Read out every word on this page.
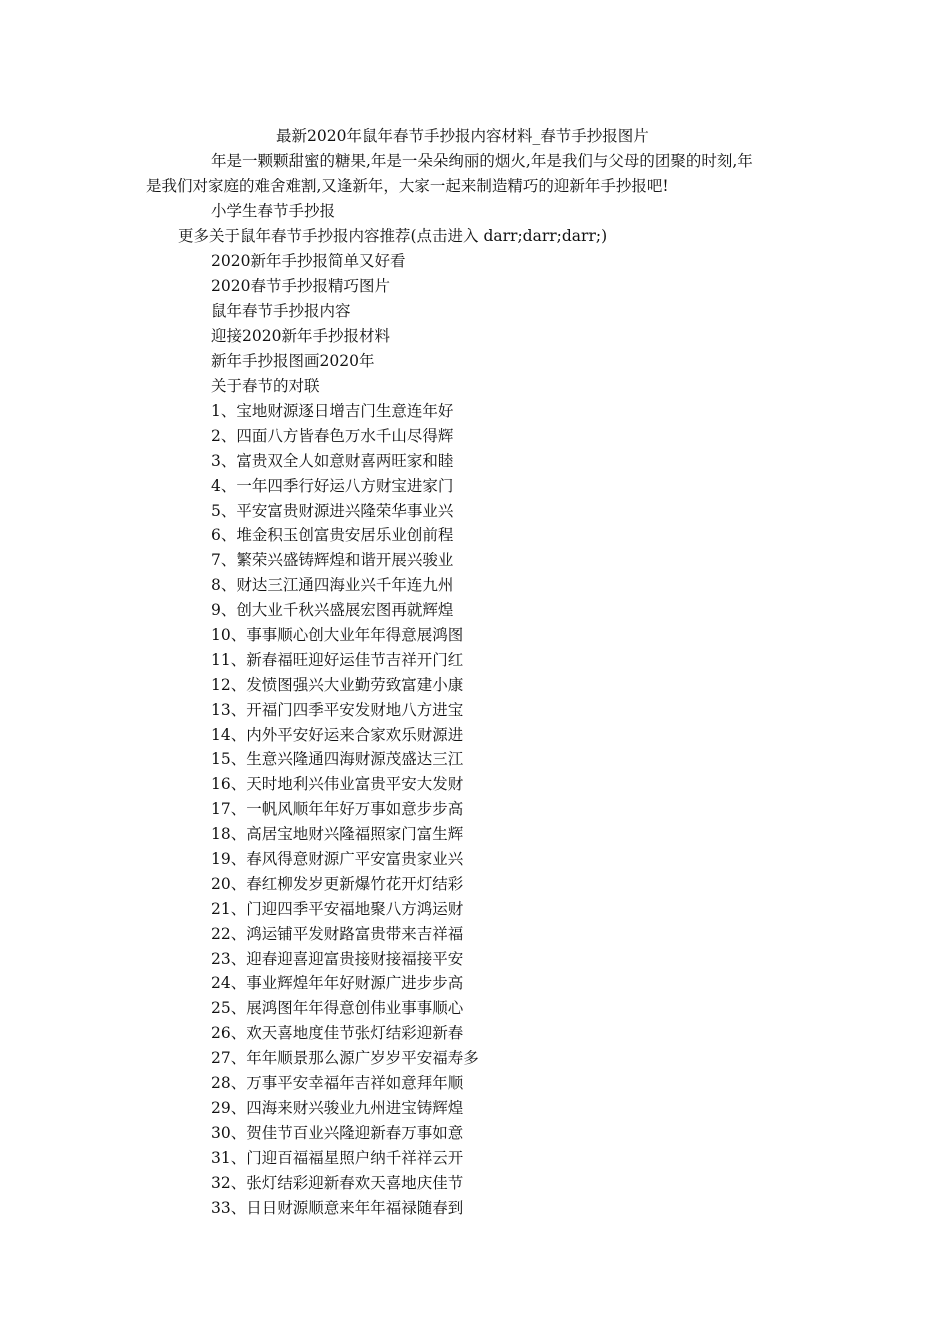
最新2020年鼠年春节手抄报内容材料_春节手抄报图片
年是一颗颗甜蜜的糖果,年是一朵朵绚丽的烟火,年是我们与父母的团聚的时刻,年
是我们对家庭的难舍难割,又逢新年，大家一起来制造精巧的迎新年手抄报吧!
小学生春节手抄报
更多关于鼠年春节手抄报内容推荐(点击进入 darr;darr;darr;)
2020新年手抄报简单又好看
2020春节手抄报精巧图片
鼠年春节手抄报内容
迎接2020新年手抄报材料
新年手抄报图画2020年
关于春节的对联
1、宝地财源逐日增吉门生意连年好
2、四面八方皆春色万水千山尽得辉
3、富贵双全人如意财喜两旺家和睦
4、一年四季行好运八方财宝进家门
5、平安富贵财源进兴隆荣华事业兴
6、堆金积玉创富贵安居乐业创前程
7、繁荣兴盛铸辉煌和谐开展兴骏业
8、财达三江通四海业兴千年连九州
9、创大业千秋兴盛展宏图再就辉煌
10、事事顺心创大业年年得意展鸿图
11、新春福旺迎好运佳节吉祥开门红
12、发愤图强兴大业勤劳致富建小康
13、开福门四季平安发财地八方进宝
14、内外平安好运来合家欢乐财源进
15、生意兴隆通四海财源茂盛达三江
16、天时地利兴伟业富贵平安大发财
17、一帆风顺年年好万事如意步步高
18、高居宝地财兴隆福照家门富生辉
19、春风得意财源广平安富贵家业兴
20、春红柳发岁更新爆竹花开灯结彩
21、门迎四季平安福地聚八方鸿运财
22、鸿运铺平发财路富贵带来吉祥福
23、迎春迎喜迎富贵接财接福接平安
24、事业辉煌年年好财源广进步步高
25、展鸿图年年得意创伟业事事顺心
26、欢天喜地度佳节张灯结彩迎新春
27、年年顺景那么源广岁岁平安福寿多
28、万事平安幸福年吉祥如意拜年顺
29、四海来财兴骏业九州进宝铸辉煌
30、贺佳节百业兴隆迎新春万事如意
31、门迎百福福星照户纳千祥祥云开
32、张灯结彩迎新春欢天喜地庆佳节
33、日日财源顺意来年年福禄随春到
